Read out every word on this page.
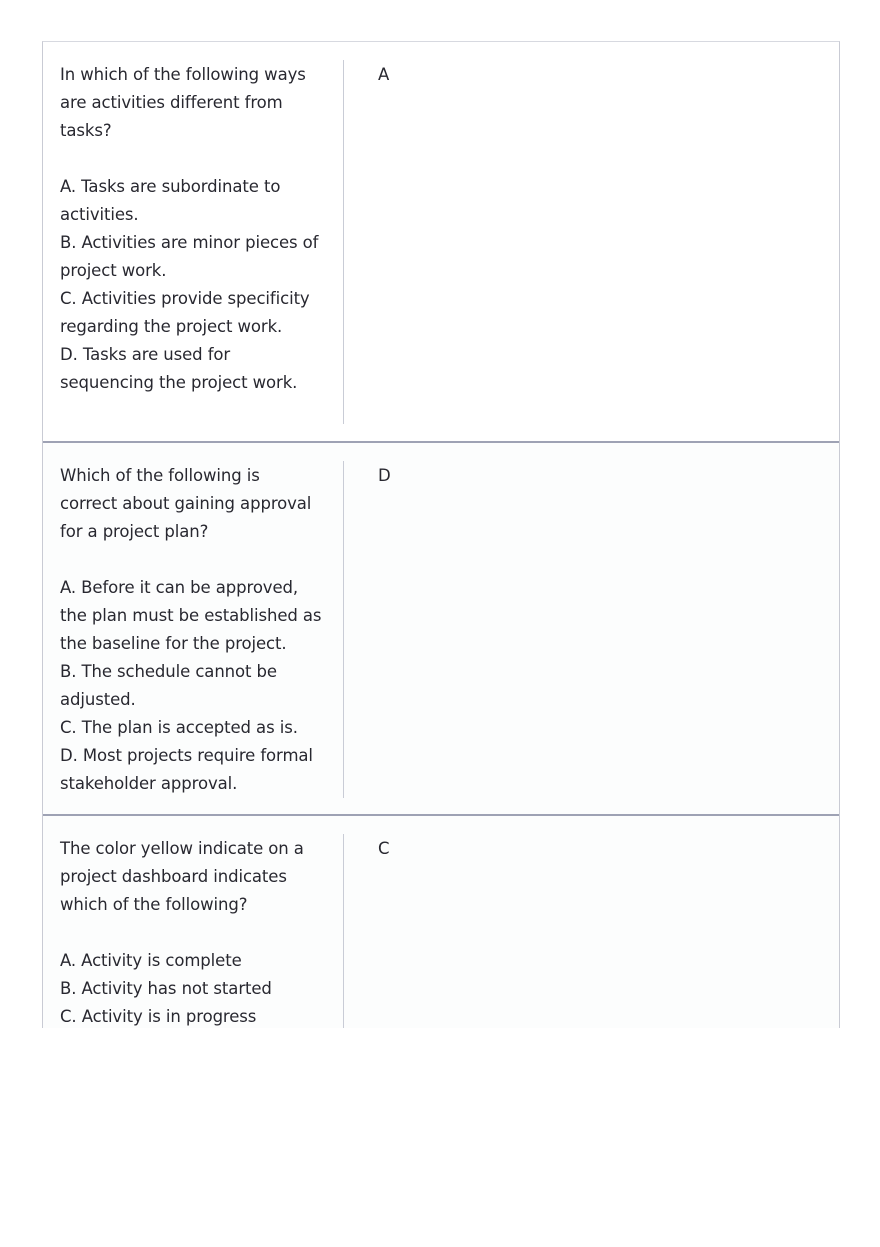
In which of the following ways
are activities different from
tasks?

A. Tasks are subordinate to activities.
B. Activities are minor pieces of project work.
C. Activities provide specificity regarding the project work.
D. Tasks are used for sequencing the project work.
A
Which of the following is
correct about gaining approval
for a project plan?

A. Before it can be approved, the plan must be established as the baseline for the project.
B. The schedule cannot be adjusted.
C. The plan is accepted as is.
D. Most projects require formal stakeholder approval.
D
The color yellow indicate on a
project dashboard indicates
which of the following?

A. Activity is complete
B. Activity has not started
C. Activity is in progress
C
